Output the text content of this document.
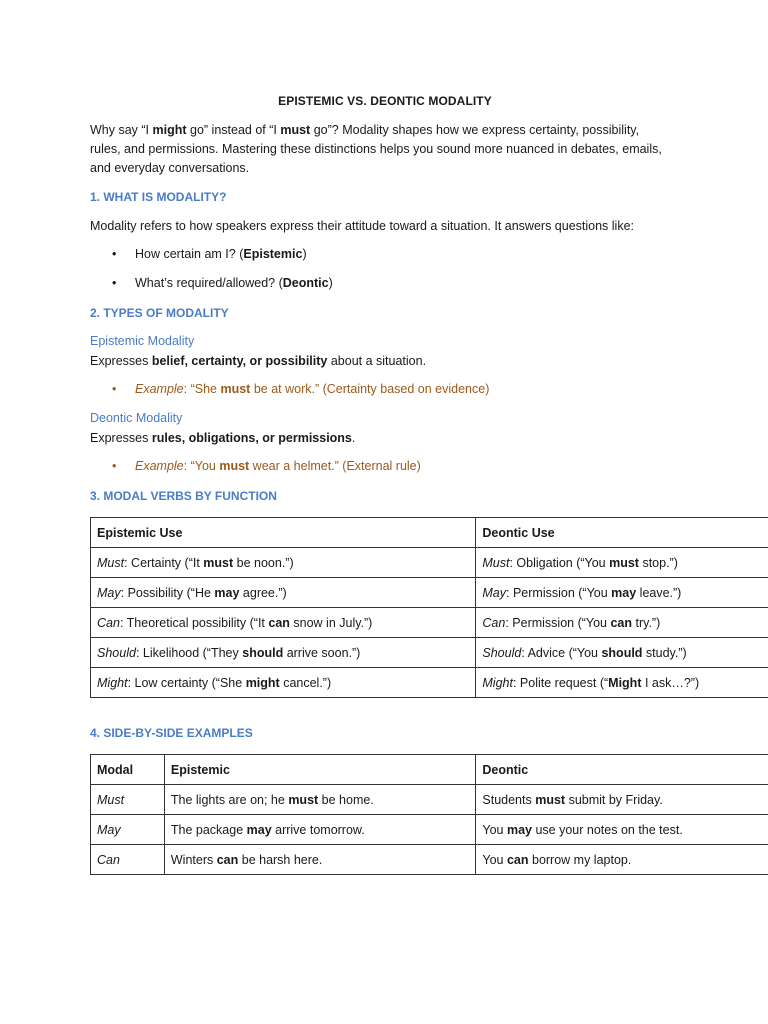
EPISTEMIC VS. DEONTIC MODALITY
Why say “I might go” instead of “I must go”? Modality shapes how we express certainty, possibility,
rules, and permissions. Mastering these distinctions helps you sound more nuanced in debates, emails,
and everyday conversations.
1. WHAT IS MODALITY?
Modality refers to how speakers express their attitude toward a situation. It answers questions like:
• How certain am I? (Epistemic)
• What’s required/allowed? (Deontic)
2. TYPES OF MODALITY
Epistemic Modality
Expresses belief, certainty, or possibility about a situation.
• Example: “She must be at work.” (Certainty based on evidence)
Deontic Modality
Expresses rules, obligations, or permissions.
• Example: “You must wear a helmet.” (External rule)
3. MODAL VERBS BY FUNCTION
Epistemic Use	Deontic Use
Must: Certainty (“It must be noon.”)	Must: Obligation (“You must stop.”)
May: Possibility (“He may agree.”)	May: Permission (“You may leave.”)
Can: Theoretical possibility (“It can snow in July.”)	Can: Permission (“You can try.”)
Should: Likelihood (“They should arrive soon.”)	Should: Advice (“You should study.”)
Might: Low certainty (“She might cancel.”)	Might: Polite request (“Might I ask…?”)
4. SIDE-BY-SIDE EXAMPLES
Modal	Epistemic	Deontic
Must	The lights are on; he must be home.	Students must submit by Friday.
May	The package may arrive tomorrow.	You may use your notes on the test.
Can	Winters can be harsh here.	You can borrow my laptop.
